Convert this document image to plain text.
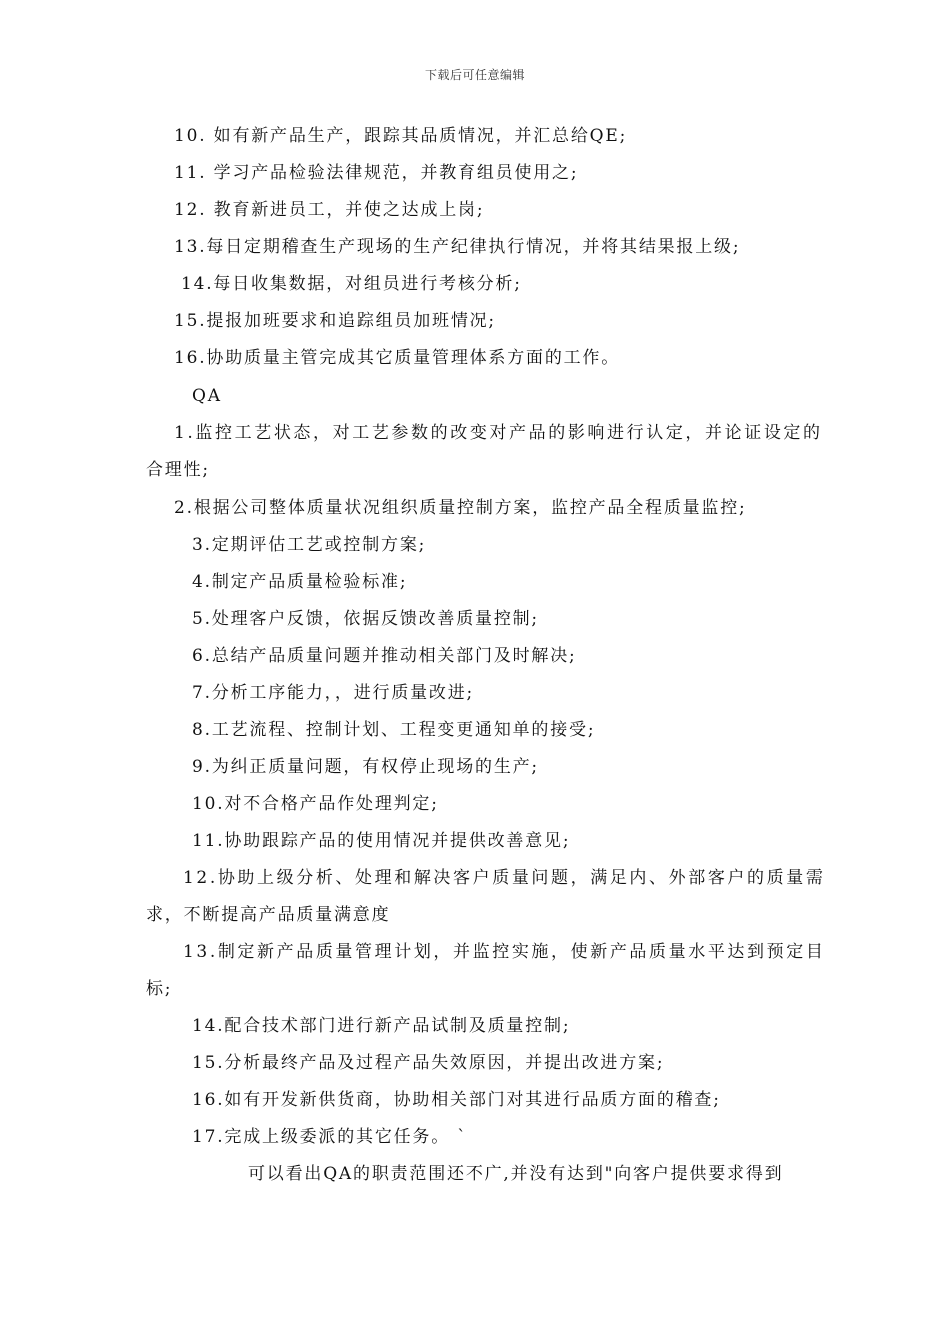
下载后可任意编辑
10. 如有新产品生产，跟踪其品质情况，并汇总给QE;
11. 学习产品检验法律规范，并教育组员使用之;
12. 教育新进员工，并使之达成上岗;
13.每日定期稽查生产现场的生产纪律执行情况，并将其结果报上级;
14.每日收集数据，对组员进行考核分析;
15.提报加班要求和追踪组员加班情况;
16.协助质量主管完成其它质量管理体系方面的工作。
QA
1.监控工艺状态，对工艺参数的改变对产品的影响进行认定，并论证设定的
合理性;
2.根据公司整体质量状况组织质量控制方案，监控产品全程质量监控;
3.定期评估工艺或控制方案;
4.制定产品质量检验标准;
5.处理客户反馈，依据反馈改善质量控制;
6.总结产品质量问题并推动相关部门及时解决;
7.分析工序能力，，进行质量改进;
8.工艺流程、控制计划、工程变更通知单的接受;
9.为纠正质量问题，有权停止现场的生产;
10.对不合格产品作处理判定;
11.协助跟踪产品的使用情况并提供改善意见;
12.协助上级分析、处理和解决客户质量问题，满足内、外部客户的质量需
求，不断提高产品质量满意度
13.制定新产品质量管理计划，并监控实施，使新产品质量水平达到预定目
标;
14.配合技术部门进行新产品试制及质量控制;
15.分析最终产品及过程产品失效原因，并提出改进方案;
16.如有开发新供货商，协助相关部门对其进行品质方面的稽查;
17.完成上级委派的其它任务。 `
可以看出QA的职责范围还不广,并没有达到"向客户提供要求得到
